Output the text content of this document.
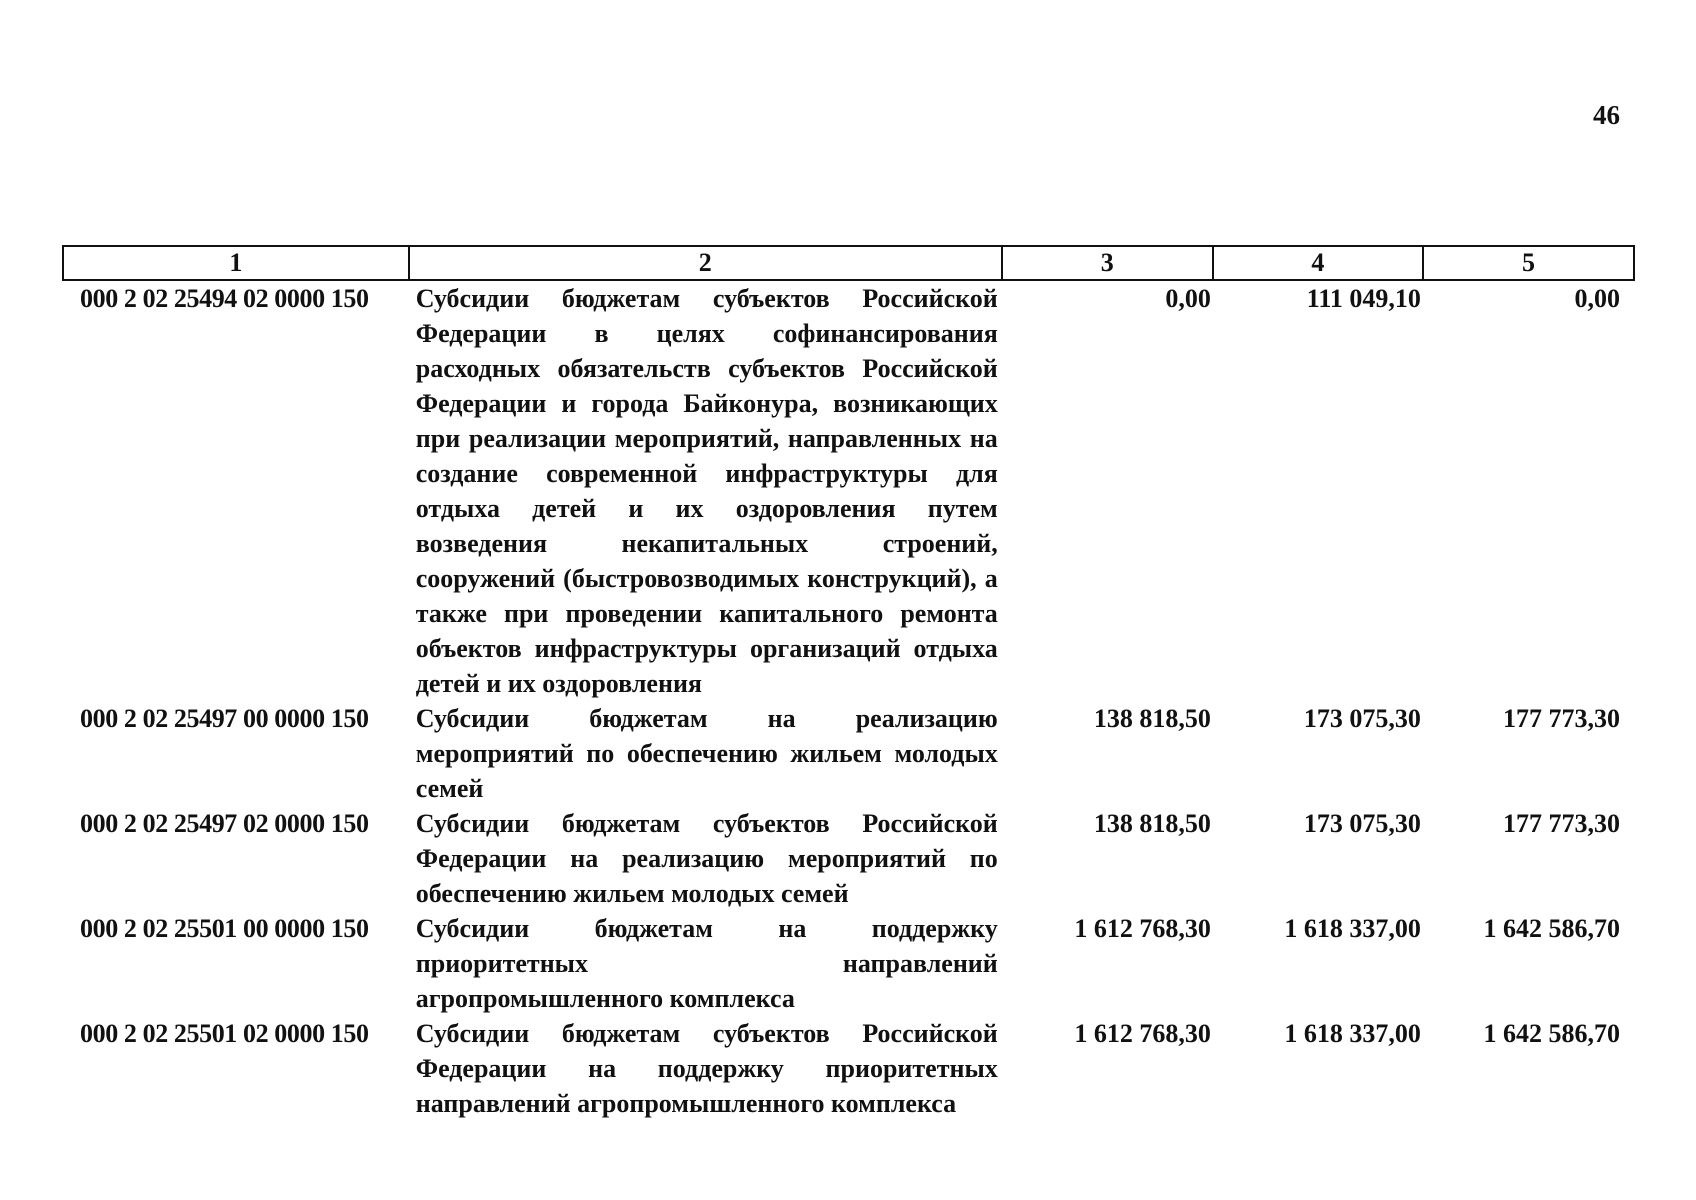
46
1	2	3	4	5
000 2 02 25494 02 0000 150	Субсидии бюджетам субъектов Российской Федерации в целях софинансирования расходных обязательств субъектов Российской Федерации и города Байконура, возникающих при реализации мероприятий, направленных на создание современной инфраструктуры для отдыха детей и их оздоровления путем возведения некапитальных строений, сооружений (быстровозводимых конструкций), а также при проведении капитального ремонта объектов инфраструктуры организаций отдыха детей и их оздоровления	0,00	111 049,10	0,00
000 2 02 25497 00 0000 150	Субсидии бюджетам на реализацию мероприятий по обеспечению жильем молодых семей	138 818,50	173 075,30	177 773,30
000 2 02 25497 02 0000 150	Субсидии бюджетам субъектов Российской Федерации на реализацию мероприятий по обеспечению жильем молодых семей	138 818,50	173 075,30	177 773,30
000 2 02 25501 00 0000 150	Субсидии бюджетам на поддержку приоритетных направлений агропромышленного комплекса	1 612 768,30	1 618 337,00	1 642 586,70
000 2 02 25501 02 0000 150	Субсидии бюджетам субъектов Российской Федерации на поддержку приоритетных направлений агропромышленного комплекса	1 612 768,30	1 618 337,00	1 642 586,70
